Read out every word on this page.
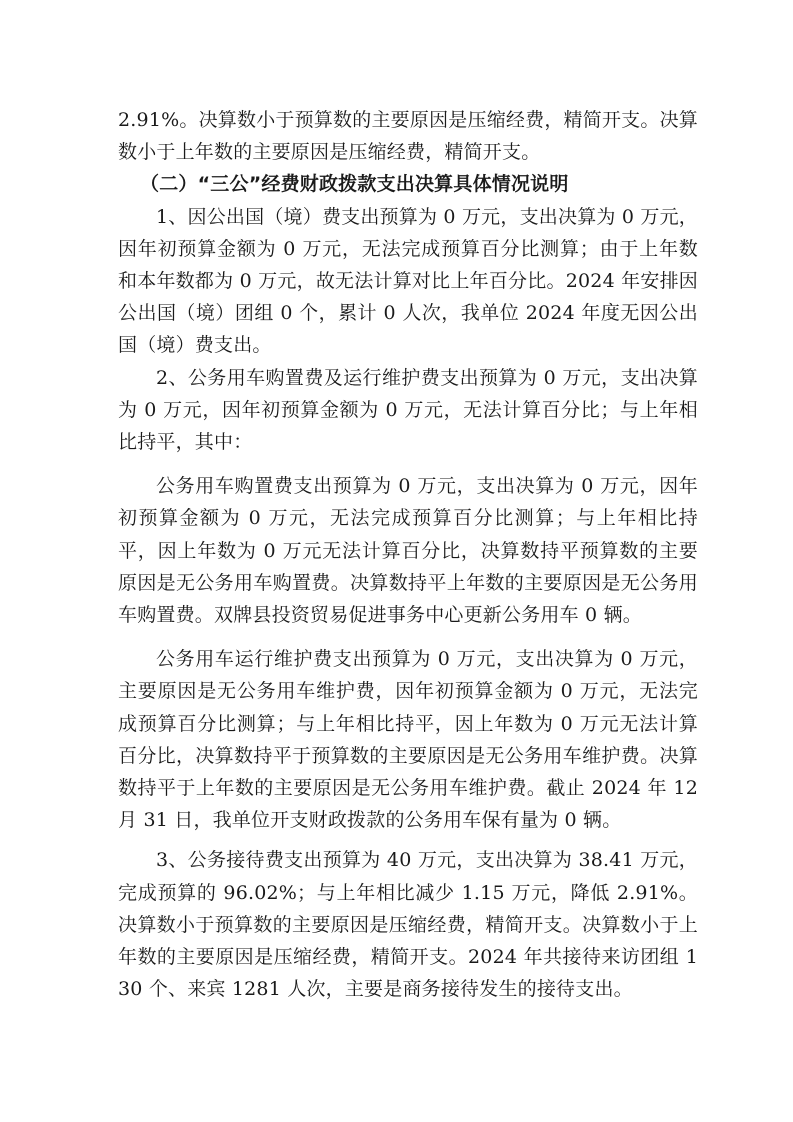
2.91%。决算数小于预算数的主要原因是压缩经费，精简开支。决算数小于上年数的主要原因是压缩经费，精简开支。

（二）“三公”经费财政拨款支出决算具体情况说明

1、因公出国（境）费支出预算为 0 万元，支出决算为 0 万元，因年初预算金额为 0 万元，无法完成预算百分比测算；由于上年数和本年数都为 0 万元，故无法计算对比上年百分比。2024 年安排因公出国（境）团组 0 个，累计 0 人次，我单位 2024 年度无因公出国（境）费支出。

2、公务用车购置费及运行维护费支出预算为 0 万元，支出决算为 0 万元，因年初预算金额为 0 万元，无法计算百分比；与上年相比持平，其中：

公务用车购置费支出预算为 0 万元，支出决算为 0 万元，因年初预算金额为 0 万元，无法完成预算百分比测算；与上年相比持平，因上年数为 0 万元无法计算百分比，决算数持平预算数的主要原因是无公务用车购置费。决算数持平上年数的主要原因是无公务用车购置费。双牌县投资贸易促进事务中心更新公务用车 0 辆。

公务用车运行维护费支出预算为 0 万元，支出决算为 0 万元，主要原因是无公务用车维护费，因年初预算金额为 0 万元，无法完成预算百分比测算；与上年相比持平，因上年数为 0 万元无法计算百分比，决算数持平于预算数的主要原因是无公务用车维护费。决算数持平于上年数的主要原因是无公务用车维护费。截止 2024 年 12 月 31 日，我单位开支财政拨款的公务用车保有量为 0 辆。

3、公务接待费支出预算为 40 万元，支出决算为 38.41 万元，完成预算的 96.02%；与上年相比减少 1.15 万元，降低 2.91%。决算数小于预算数的主要原因是压缩经费，精简开支。决算数小于上年数的主要原因是压缩经费，精简开支。2024 年共接待来访团组 130 个、来宾 1281 人次，主要是商务接待发生的接待支出。
